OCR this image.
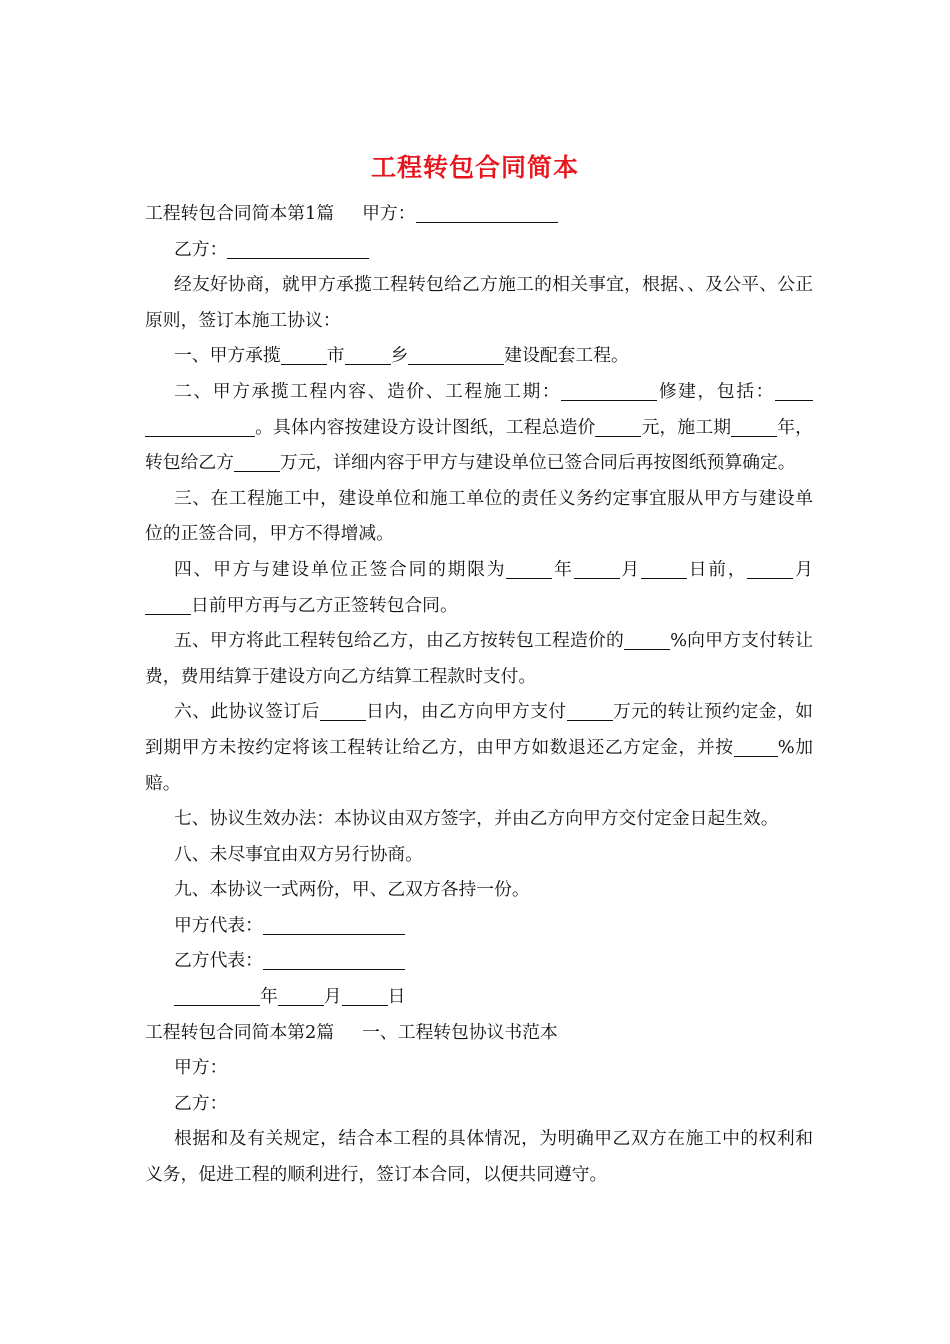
工程转包合同简本

工程转包合同简本第1篇 甲方：

乙方：

经友好协商，就甲方承揽工程转包给乙方施工的相关事宜，根据、、及公平、公正原则，签订本施工协议：

一、甲方承揽	市	乡	建设配套工程。

二、甲方承揽工程内容、造价、工程施工期：	修建，包括：。具体内容按建设方设计图纸，工程总造价	元，施工期	年，转包给乙方	万元，详细内容于甲方与建设单位已签合同后再按图纸预算确定。

三、在工程施工中，建设单位和施工单位的责任义务约定事宜服从甲方与建设单位的正签合同，甲方不得增减。

四、甲方与建设单位正签合同的期限为	年	月	日前，	月日前甲方再与乙方正签转包合同。

五、甲方将此工程转包给乙方，由乙方按转包工程造价的	%向甲方支付转让费，费用结算于建设方向乙方结算工程款时支付。

六、此协议签订后	日内，由乙方向甲方支付	万元的转让预约定金，如到期甲方未按约定将该工程转让给乙方，由甲方如数退还乙方定金，并按 %加赔。

七、协议生效办法：本协议由双方签字，并由乙方向甲方交付定金日起生效。

八、未尽事宜由双方另行协商。

九、本协议一式两份，甲、乙双方各持一份。

甲方代表：

乙方代表：

年	月	日

工程转包合同简本第2篇 一、工程转包协议书范本

甲方：

乙方：

根据和及有关规定，结合本工程的具体情况，为明确甲乙双方在施工中的权利和义务，促进工程的顺利进行，签订本合同，以便共同遵守。
